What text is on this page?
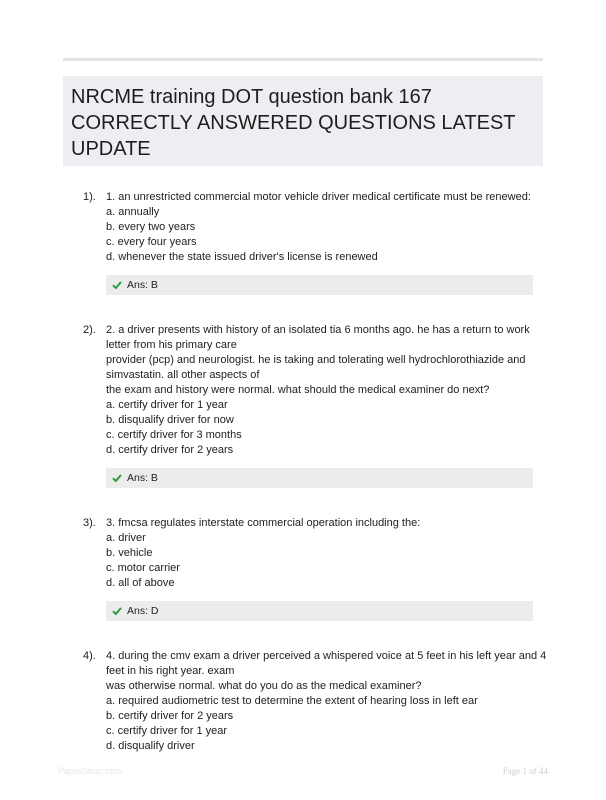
NRCME training DOT question bank 167
CORRECTLY ANSWERED QUESTIONS LATEST
UPDATE
1). 1. an unrestricted commercial motor vehicle driver medical certificate must be renewed:
a. annually
b. every two years
c. every four years
d. whenever the state issued driver's license is renewed
Ans: B
2). 2. a driver presents with history of an isolated tia 6 months ago. he has a return to work
letter from his primary care
provider (pcp) and neurologist. he is taking and tolerating well hydrochlorothiazide and
simvastatin. all other aspects of
the exam and history were normal. what should the medical examiner do next?
a. certify driver for 1 year
b. disqualify driver for now
c. certify driver for 3 months
d. certify driver for 2 years
Ans: B
3). 3. fmcsa regulates interstate commercial operation including the:
a. driver
b. vehicle
c. motor carrier
d. all of above
Ans: D
4). 4. during the cmv exam a driver perceived a whispered voice at 5 feet in his left year and 4
feet in his right year. exam
was otherwise normal. what do you do as the medical examiner?
a. required audiometric test to determine the extent of hearing loss in left ear
b. certify driver for 2 years
c. certify driver for 1 year
d. disqualify driver
PaperSbuc.com	Page 1 of 44
